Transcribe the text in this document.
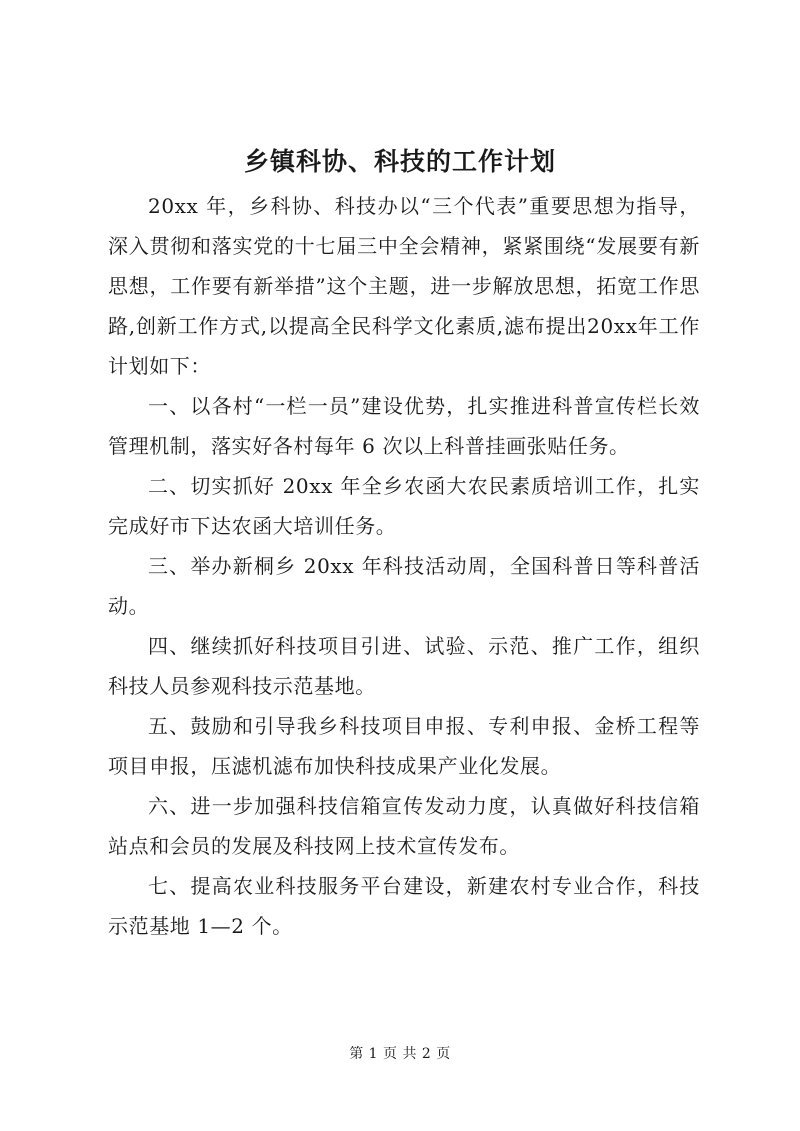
乡镇科协、科技的工作计划

20xx 年，乡科协、科技办以“三个代表”重要思想为指导，深入贯彻和落实党的十七届三中全会精神，紧紧围绕“发展要有新思想，工作要有新举措”这个主题，进一步解放思想，拓宽工作思路,创新工作方式,以提高全民科学文化素质,滤布提出20xx年工作计划如下：

一、以各村“一栏一员”建设优势，扎实推进科普宣传栏长效管理机制，落实好各村每年 6 次以上科普挂画张贴任务。

二、切实抓好 20xx 年全乡农函大农民素质培训工作，扎实完成好市下达农函大培训任务。

三、举办新桐乡 20xx 年科技活动周，全国科普日等科普活动。

四、继续抓好科技项目引进、试验、示范、推广工作，组织科技人员参观科技示范基地。

五、鼓励和引导我乡科技项目申报、专利申报、金桥工程等项目申报，压滤机滤布加快科技成果产业化发展。

六、进一步加强科技信箱宣传发动力度，认真做好科技信箱站点和会员的发展及科技网上技术宣传发布。

七、提高农业科技服务平台建设，新建农村专业合作，科技示范基地 1—2 个。

第 1 页 共 2 页
